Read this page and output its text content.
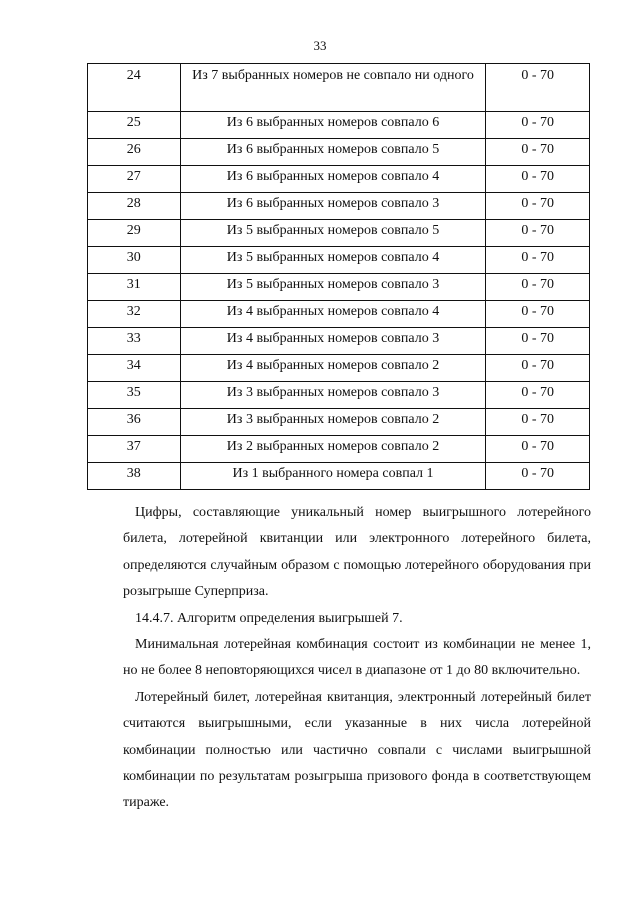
33
24	Из 7 выбранных номеров не совпало ни одного	0 - 70
25	Из 6 выбранных номеров совпало 6	0 - 70
26	Из 6 выбранных номеров совпало 5	0 - 70
27	Из 6 выбранных номеров совпало 4	0 - 70
28	Из 6 выбранных номеров совпало 3	0 - 70
29	Из 5 выбранных номеров совпало 5	0 - 70
30	Из 5 выбранных номеров совпало 4	0 - 70
31	Из 5 выбранных номеров совпало 3	0 - 70
32	Из 4 выбранных номеров совпало 4	0 - 70
33	Из 4 выбранных номеров совпало 3	0 - 70
34	Из 4 выбранных номеров совпало 2	0 - 70
35	Из 3 выбранных номеров совпало 3	0 - 70
36	Из 3 выбранных номеров совпало 2	0 - 70
37	Из 2 выбранных номеров совпало 2	0 - 70
38	Из 1 выбранного номера совпал 1	0 - 70

Цифры, составляющие уникальный номер выигрышного лотерейного билета, лотерейной квитанции или электронного лотерейного билета, определяются случайным образом с помощью лотерейного оборудования при розыгрыше Суперприза.

14.4.7. Алгоритм определения выигрышей 7.

Минимальная лотерейная комбинация состоит из комбинации не менее 1, но не более 8 неповторяющихся чисел в диапазоне от 1 до 80 включительно.

Лотерейный билет, лотерейная квитанция, электронный лотерейный билет считаются выигрышными, если указанные в них числа лотерейной комбинации полностью или частично совпали с числами выигрышной комбинации по результатам розыгрыша призового фонда в соответствующем тираже.
